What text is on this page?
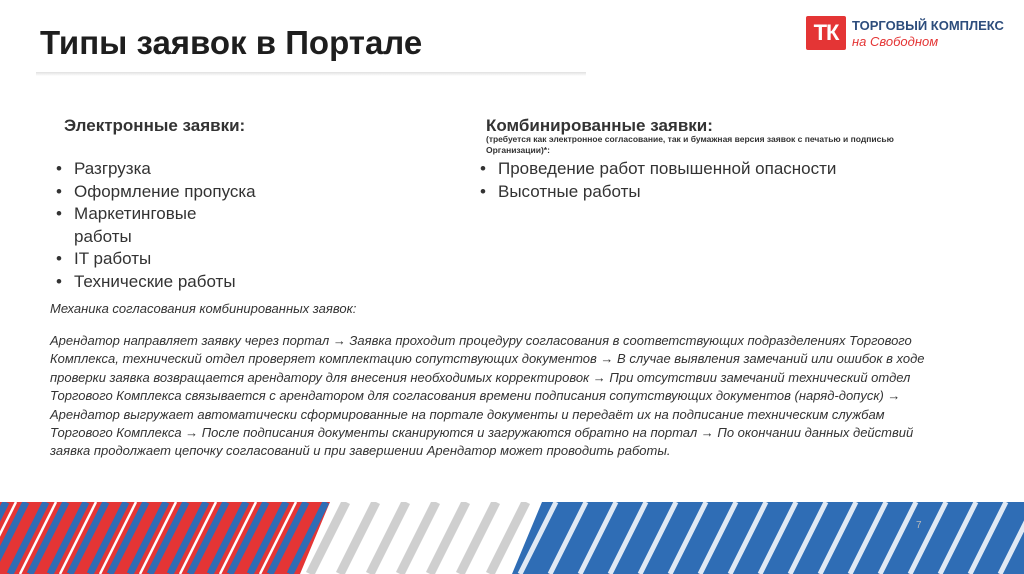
Типы заявок в Портале	ТК	ТОРГОВЫЙ КОМПЛЕКС
на Свободном
Электронные заявки:
• Разгрузка
• Оформление пропуска
• Маркетинговые работы
• IT работы
• Технические работы
Комбинированные заявки:
(требуется как электронное согласование, так и бумажная версия заявок с печатью и подписью Организации)*:
• Проведение работ повышенной опасности
• Высотные работы
Механика согласования комбинированных заявок:
Арендатор направляет заявку через портал → Заявка проходит процедуру согласования в соответствующих подразделениях Торгового Комплекса, технический отдел проверяет комплектацию сопутствующих документов → В случае выявления замечаний или ошибок в ходе проверки заявка возвращается арендатору для внесения необходимых корректировок → При отсутствии замечаний технический отдел Торгового Комплекса связывается с арендатором для согласования времени подписания сопутствующих документов (наряд-допуск) → Арендатор выгружает автоматически сформированные на портале документы и передаёт их на подписание техническим службам Торгового Комплекса → После подписания документы сканируются и загружаются обратно на портал → По окончании данных действий заявка продолжает цепочку согласований и при завершении Арендатор может проводить работы.
7
